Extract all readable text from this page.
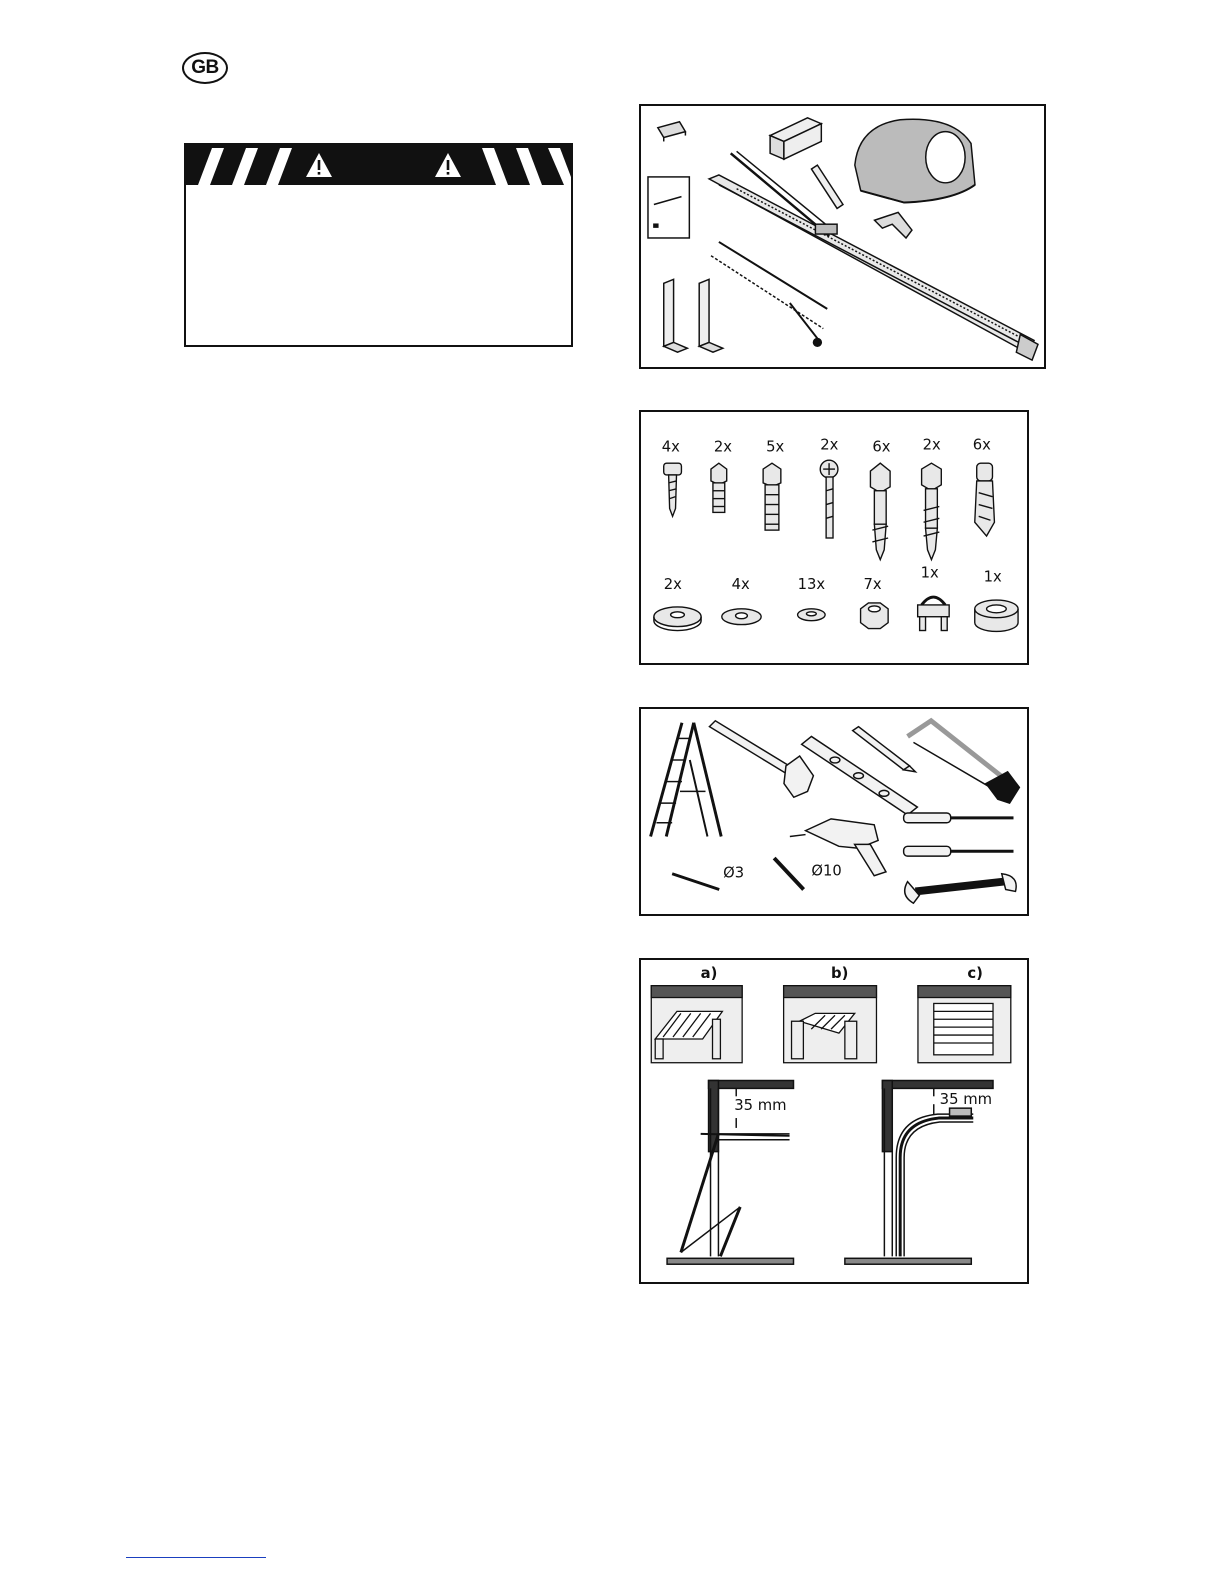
GB
4x 2x 5x 2x 6x 2x 6x
2x	4x	13x	7x
1x	1x
Ø3	Ø10
a)	b)	c)
35 mm	35 mm
